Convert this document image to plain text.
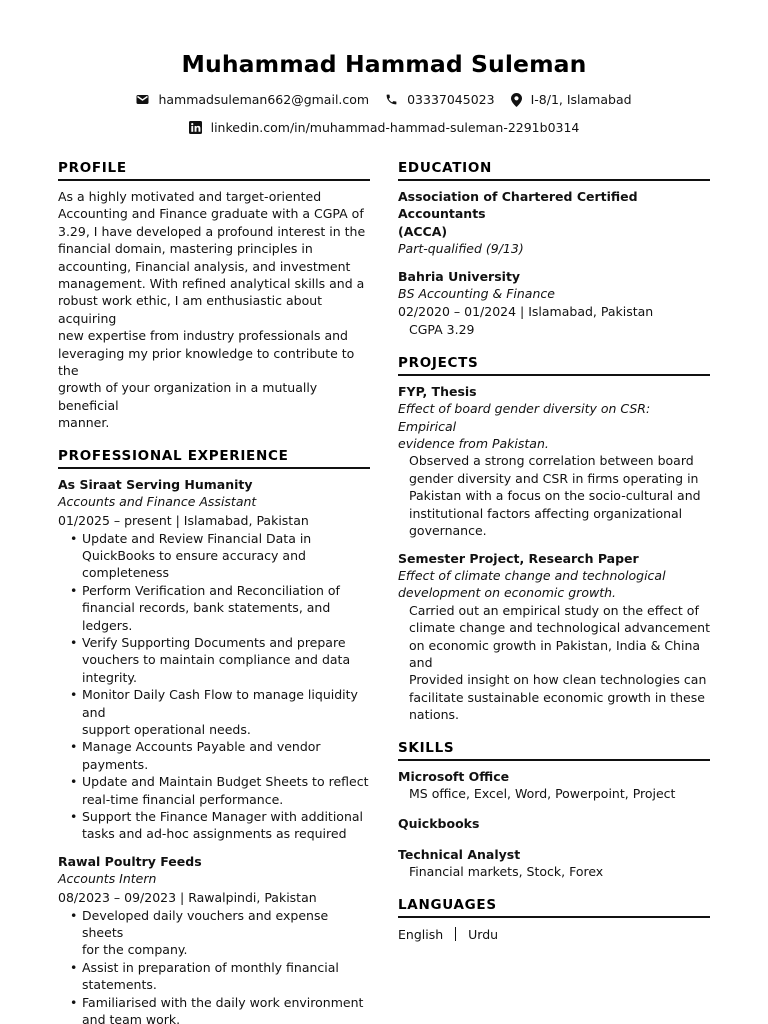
Muhammad Hammad Suleman
hammadsuleman662@gmail.com	03337045023	I-8/1, Islamabad
linkedin.com/in/muhammad-hammad-suleman-2291b0314
PROFILE
As a highly motivated and target-oriented
Accounting and Finance graduate with a CGPA of
3.29, I have developed a profound interest in the
financial domain, mastering principles in
accounting, Financial analysis, and investment
management. With refined analytical skills and a
robust work ethic, I am enthusiastic about acquiring
new expertise from industry professionals and
leveraging my prior knowledge to contribute to the
growth of your organization in a mutually beneficial
manner.
PROFESSIONAL EXPERIENCE
As Siraat Serving Humanity
Accounts and Finance Assistant
01/2025 – present | Islamabad, Pakistan
• Update and Review Financial Data in
QuickBooks to ensure accuracy and
completeness
• Perform Verification and Reconciliation of
financial records, bank statements, and ledgers.
• Verify Supporting Documents and prepare
vouchers to maintain compliance and data
integrity.
• Monitor Daily Cash Flow to manage liquidity and
support operational needs.
• Manage Accounts Payable and vendor
payments.
• Update and Maintain Budget Sheets to reflect
real-time financial performance.
• Support the Finance Manager with additional
tasks and ad-hoc assignments as required
Rawal Poultry Feeds
Accounts Intern
08/2023 – 09/2023 | Rawalpindi, Pakistan
• Developed daily vouchers and expense sheets
for the company.
• Assist in preparation of monthly financial
statements.
• Familiarised with the daily work environment
and team work.
EDUCATION
Association of Chartered Certified Accountants
(ACCA)
Part-qualified (9/13)
Bahria University
BS Accounting & Finance
02/2020 – 01/2024 | Islamabad, Pakistan
CGPA 3.29
PROJECTS
FYP, Thesis
Effect of board gender diversity on CSR: Empirical
evidence from Pakistan.
Observed a strong correlation between board
gender diversity and CSR in firms operating in
Pakistan with a focus on the socio-cultural and
institutional factors affecting organizational
governance.
Semester Project, Research Paper
Effect of climate change and technological
development on economic growth.
Carried out an empirical study on the effect of
climate change and technological advancement
on economic growth in Pakistan, India & China and
Provided insight on how clean technologies can
facilitate sustainable economic growth in these
nations.
SKILLS
Microsoft Office
MS office, Excel, Word, Powerpoint, Project
Quickbooks
Technical Analyst
Financial markets, Stock, Forex
LANGUAGES
English Urdu
